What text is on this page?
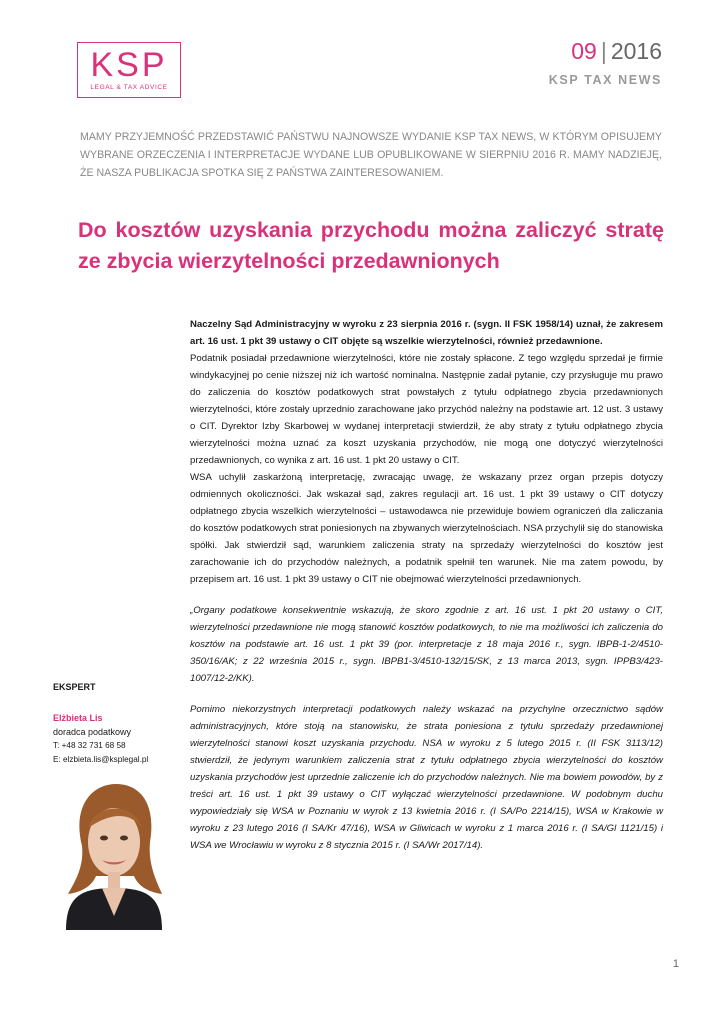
KSP
LEGAL & TAX ADVICE
09 | 2016
KSP TAX NEWS
MAMY PRZYJEMNOŚĆ PRZEDSTAWIĆ PAŃSTWU NAJNOWSZE WYDANIE KSP TAX NEWS, W KTÓRYM OPISUJEMY WYBRANE ORZECZENIA I INTERPRETACJE WYDANE LUB OPUBLIKOWANE W SIERPNIU 2016 R. MAMY NADZIEJĘ, ŻE NASZA PUBLIKACJA SPOTKA SIĘ Z PAŃSTWA ZAINTERESOWANIEM.
Do kosztów uzyskania przychodu można zaliczyć stratę ze zbycia wierzytelności przedawnionych

Naczelny Sąd Administracyjny w wyroku z 23 sierpnia 2016 r. (sygn. II FSK 1958/14) uznał, że zakresem art. 16 ust. 1 pkt 39 ustawy o CIT objęte są wszelkie wierzytelności, również przedawnione.

Podatnik posiadał przedawnione wierzytelności, które nie zostały spłacone. Z tego względu sprzedał je firmie windykacyjnej po cenie niższej niż ich wartość nominalna. Następnie zadał pytanie, czy przysługuje mu prawo do zaliczenia do kosztów podatkowych strat powstałych z tytułu odpłatnego zbycia przedawnionych wierzytelności, które zostały uprzednio zarachowane jako przychód należny na podstawie art. 12 ust. 3 ustawy o CIT. Dyrektor Izby Skarbowej w wydanej interpretacji stwierdził, że aby straty z tytułu odpłatnego zbycia wierzytelności można uznać za koszt uzyskania przychodów, nie mogą one dotyczyć wierzytelności przedawnionych, co wynika z art. 16 ust. 1 pkt 20 ustawy o CIT.

WSA uchylił zaskarżoną interpretację, zwracając uwagę, że wskazany przez organ przepis dotyczy odmiennych okoliczności. Jak wskazał sąd, zakres regulacji art. 16 ust. 1 pkt 39 ustawy o CIT dotyczy odpłatnego zbycia wszelkich wierzytelności – ustawodawca nie przewiduje bowiem ograniczeń dla zaliczania do kosztów podatkowych strat poniesionych na zbywanych wierzytelnościach. NSA przychylił się do stanowiska spółki. Jak stwierdził sąd, warunkiem zaliczenia straty na sprzedaży wierzytelności do kosztów jest zarachowanie ich do przychodów należnych, a podatnik spełnił ten warunek. Nie ma zatem powodu, by przepisem art. 16 ust. 1 pkt 39 ustawy o CIT nie obejmować wierzytelności przedawnionych.

„Organy podatkowe konsekwentnie wskazują, że skoro zgodnie z art. 16 ust. 1 pkt 20 ustawy o CIT, wierzytelności przedawnione nie mogą stanowić kosztów podatkowych, to nie ma możliwości ich zaliczenia do kosztów na podstawie art. 16 ust. 1 pkt 39 (por. interpretacje z 18 maja 2016 r., sygn. IBPB-1-2/4510-350/16/AK; z 22 września 2015 r., sygn. IBPB1-3/4510-132/15/SK, z 13 marca 2013, sygn. IPPB3/423-1007/12-2/KK).

Pomimo niekorzystnych interpretacji podatkowych należy wskazać na przychylne orzecznictwo sądów administracyjnych, które stoją na stanowisku, że strata poniesiona z tytułu sprzedaży przedawnionej wierzytelności stanowi koszt uzyskania przychodu. NSA w wyroku z 5 lutego 2015 r. (II FSK 3113/12) stwierdził, że jedynym warunkiem zaliczenia strat z tytułu odpłatnego zbycia wierzytelności do kosztów uzyskania przychodów jest uprzednie zaliczenie ich do przychodów należnych. Nie ma bowiem powodów, by z treści art. 16 ust. 1 pkt 39 ustawy o CIT wyłączać wierzytelności przedawnione. W podobnym duchu wypowiedziały się WSA w Poznaniu w wyrok z 13 kwietnia 2016 r. (I SA/Po 2214/15), WSA w Krakowie w wyroku z 23 lutego 2016 (I SA/Kr 47/16), WSA w Gliwicach w wyroku z 1 marca 2016 r. (I SA/Gl 1121/15) i WSA we Wrocławiu w wyroku z 8 stycznia 2015 r. (I SA/Wr 2017/14).

EKSPERT
Elżbieta Lis
doradca podatkowy
T: +48 32 731 68 58
E: elzbieta.lis@ksplegal.pl
1
